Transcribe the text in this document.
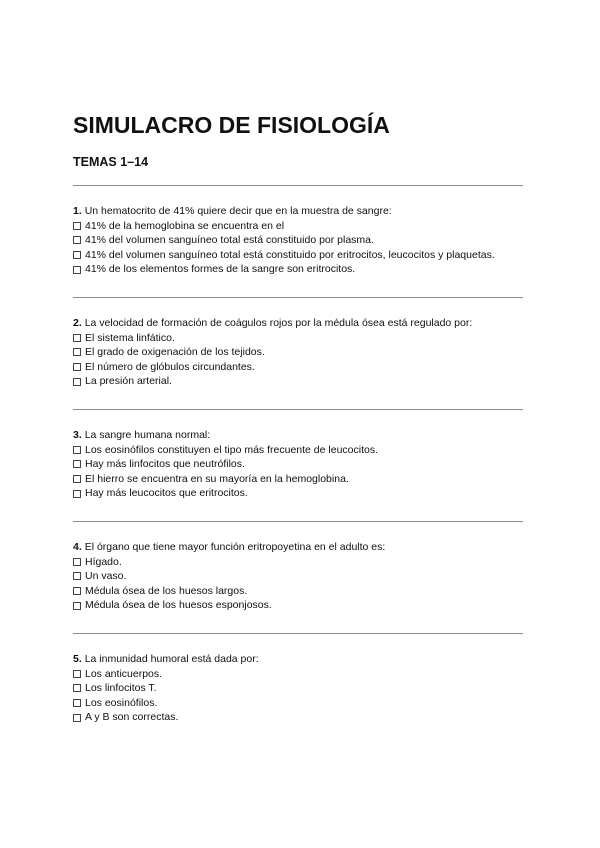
SIMULACRO DE FISIOLOGÍA
TEMAS 1–14
1. Un hematocrito de 41% quiere decir que en la muestra de sangre:
41% de la hemoglobina se encuentra en el
41% del volumen sanguíneo total está constituido por plasma.
41% del volumen sanguíneo total está constituido por eritrocitos, leucocitos y plaquetas.
41% de los elementos formes de la sangre son eritrocitos.
2. La velocidad de formación de coágulos rojos por la médula ósea está regulado por:
El sistema linfático.
El grado de oxigenación de los tejidos.
El número de glóbulos circundantes.
La presión arterial.
3. La sangre humana normal:
Los eosinófilos constituyen el tipo más frecuente de leucocitos.
Hay más linfocitos que neutrófilos.
El hierro se encuentra en su mayoría en la hemoglobina.
Hay más leucocitos que eritrocitos.
4. El órgano que tiene mayor función eritropoyetina en el adulto es:
Hígado.
Un vaso.
Médula ósea de los huesos largos.
Médula ósea de los huesos esponjosos.
5. La inmunidad humoral está dada por:
Los anticuerpos.
Los linfocitos T.
Los eosinófilos.
A y B son correctas.
